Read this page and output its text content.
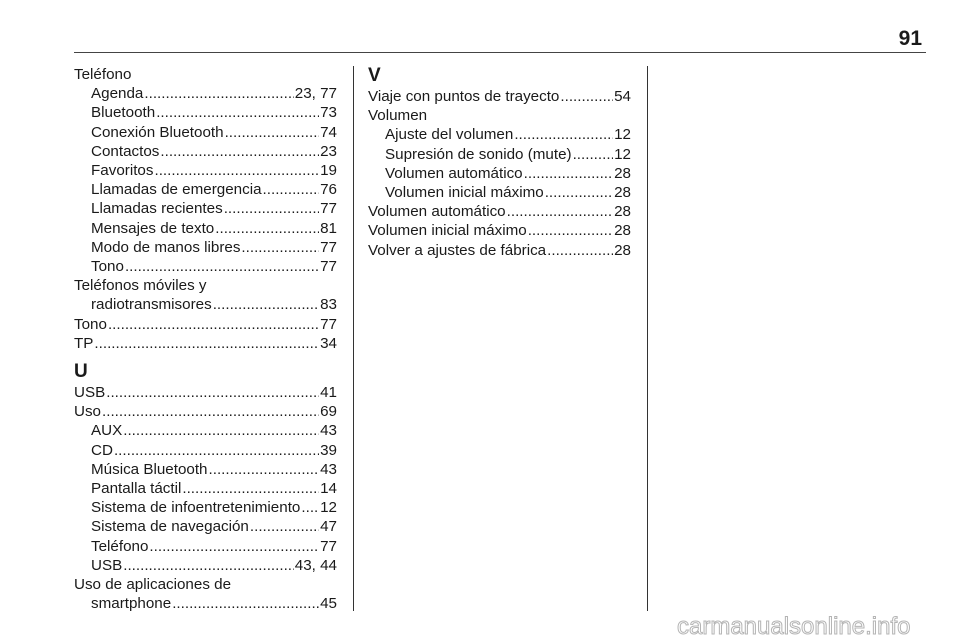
91
Teléfono
Agenda .....	23, 77
Bluetooth .....	73
Conexión Bluetooth .....	74
Contactos .....	23
Favoritos .....	19
Llamadas de emergencia .....	76
Llamadas recientes .....	77
Mensajes de texto .....	81
Modo de manos libres .....	77
Tono .....	77
Teléfonos móviles y
radiotransmisores .....	83
Tono .....	77
TP .....	34
U
USB .....	41
Uso .....	69
AUX .....	43
CD .....	39
Música Bluetooth .....	43
Pantalla táctil .....	14
Sistema de infoentretenimiento ..... 12
Sistema de navegación .....	47
Teléfono .....	77
USB .....	43, 44
Uso de aplicaciones de
smartphone .....	45
V
Viaje con puntos de trayecto .....	54
Volumen
Ajuste del volumen .....	12
Supresión de sonido (mute) .....	12
Volumen automático .....	28
Volumen inicial máximo .....	28
Volumen automático .....	28
Volumen inicial máximo .....	28
Volver a ajustes de fábrica .....	28
carmanualsonline.info
